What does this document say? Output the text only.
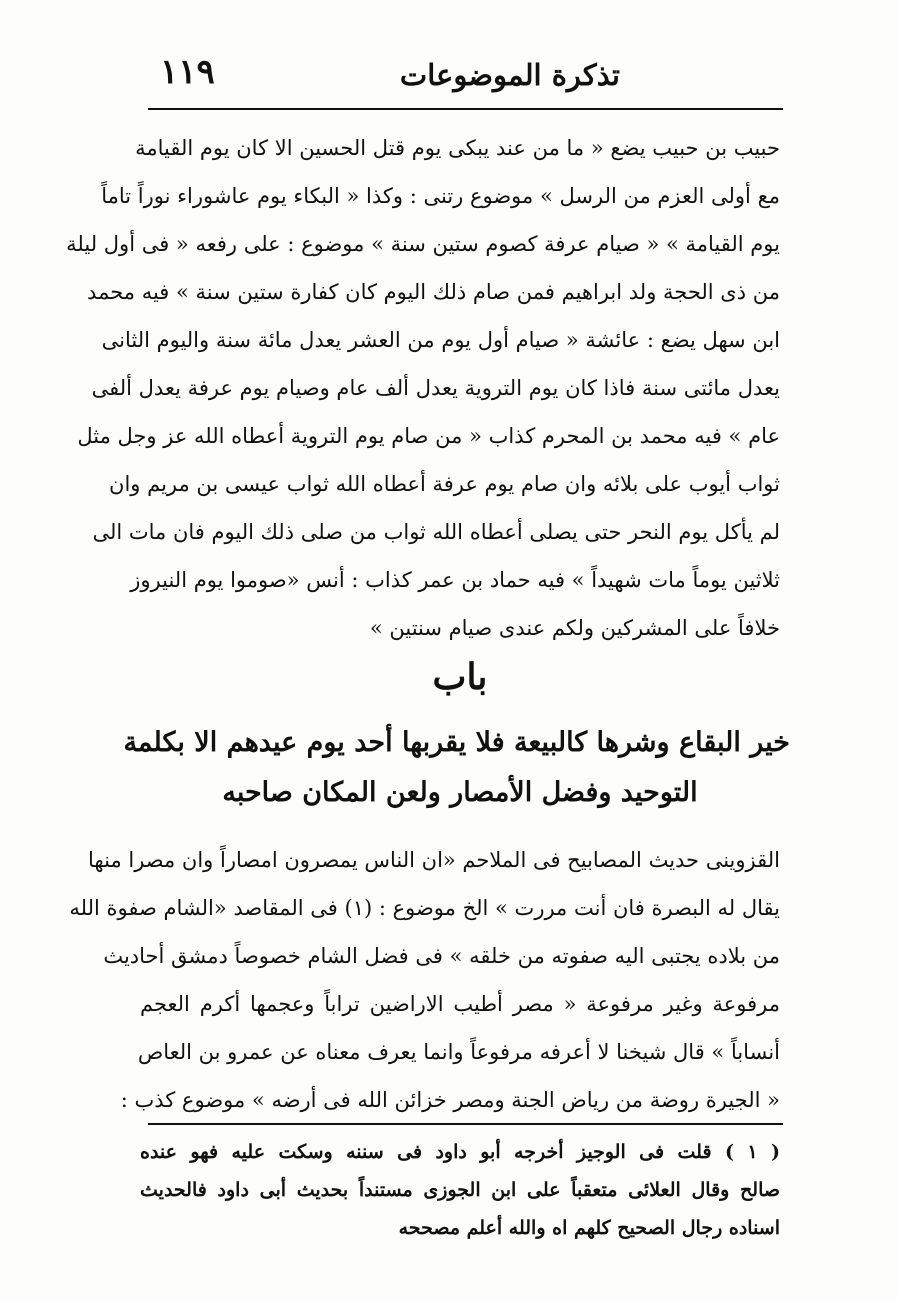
تذكرة الموضوعات
١١٩
حبيب بن حبيب يضع « ما من عند يبكى يوم قتل الحسين الا كان يوم القيامة
مع أولى العزم من الرسل » موضوع رتنى : وكذا « البكاء يوم عاشوراء نوراً تاماً
يوم القيامة » « صيام عرفة كصوم ستين سنة » موضوع : على رفعه « فى أول ليلة
من ذى الحجة ولد ابراهيم فمن صام ذلك اليوم كان كفارة ستين سنة » فيه محمد
ابن سهل يضع : عائشة « صيام أول يوم من العشر يعدل مائة سنة واليوم الثانى
يعدل مائتى سنة فاذا كان يوم التروية يعدل ألف عام وصيام يوم عرفة يعدل ألفى
عام » فيه محمد بن المحرم كذاب « من صام يوم التروية أعطاه الله عز وجل مثل
ثواب أيوب على بلائه وان صام يوم عرفة أعطاه الله ثواب عيسى بن مريم وان
لم يأكل يوم النحر حتى يصلى أعطاه الله ثواب من صلى ذلك اليوم فان مات الى
ثلاثين يوماً مات شهيداً » فيه حماد بن عمر كذاب : أنس «صوموا يوم النيروز
خلافاً على المشركين ولكم عندى صيام سنتين »
باب
خير البقاع وشرها كالبيعة فلا يقربها أحد يوم عيدهم الا بكلمة
التوحيد وفضل الأمصار ولعن المكان صاحبه
القزوينى حديث المصابيح فى الملاحم «ان الناس يمصرون امصاراً وان مصرا منها
يقال له البصرة فان أنت مررت » الخ موضوع : (١) فى المقاصد «الشام صفوة الله
من بلاده يجتبى اليه صفوته من خلقه » فى فضل الشام خصوصاً دمشق أحاديث
مرفوعة وغير مرفوعة « مصر أطيب الاراضين تراباً وعجمها أكرم العجم
أنساباً » قال شيخنا لا أعرفه مرفوعاً وانما يعرف معناه عن عمرو بن العاص
« الجيرة روضة من رياض الجنة ومصر خزائن الله فى أرضه » موضوع كذب :
( ١ ) قلت فى الوجيز أخرجه أبو داود فى سننه وسكت عليه فهو عنده
صالح وقال العلائى متعقباً على ابن الجوزى مستنداً بحديث أبى داود فالحديث
اسناده رجال الصحيح كلهم اه والله أعلم مصححه
